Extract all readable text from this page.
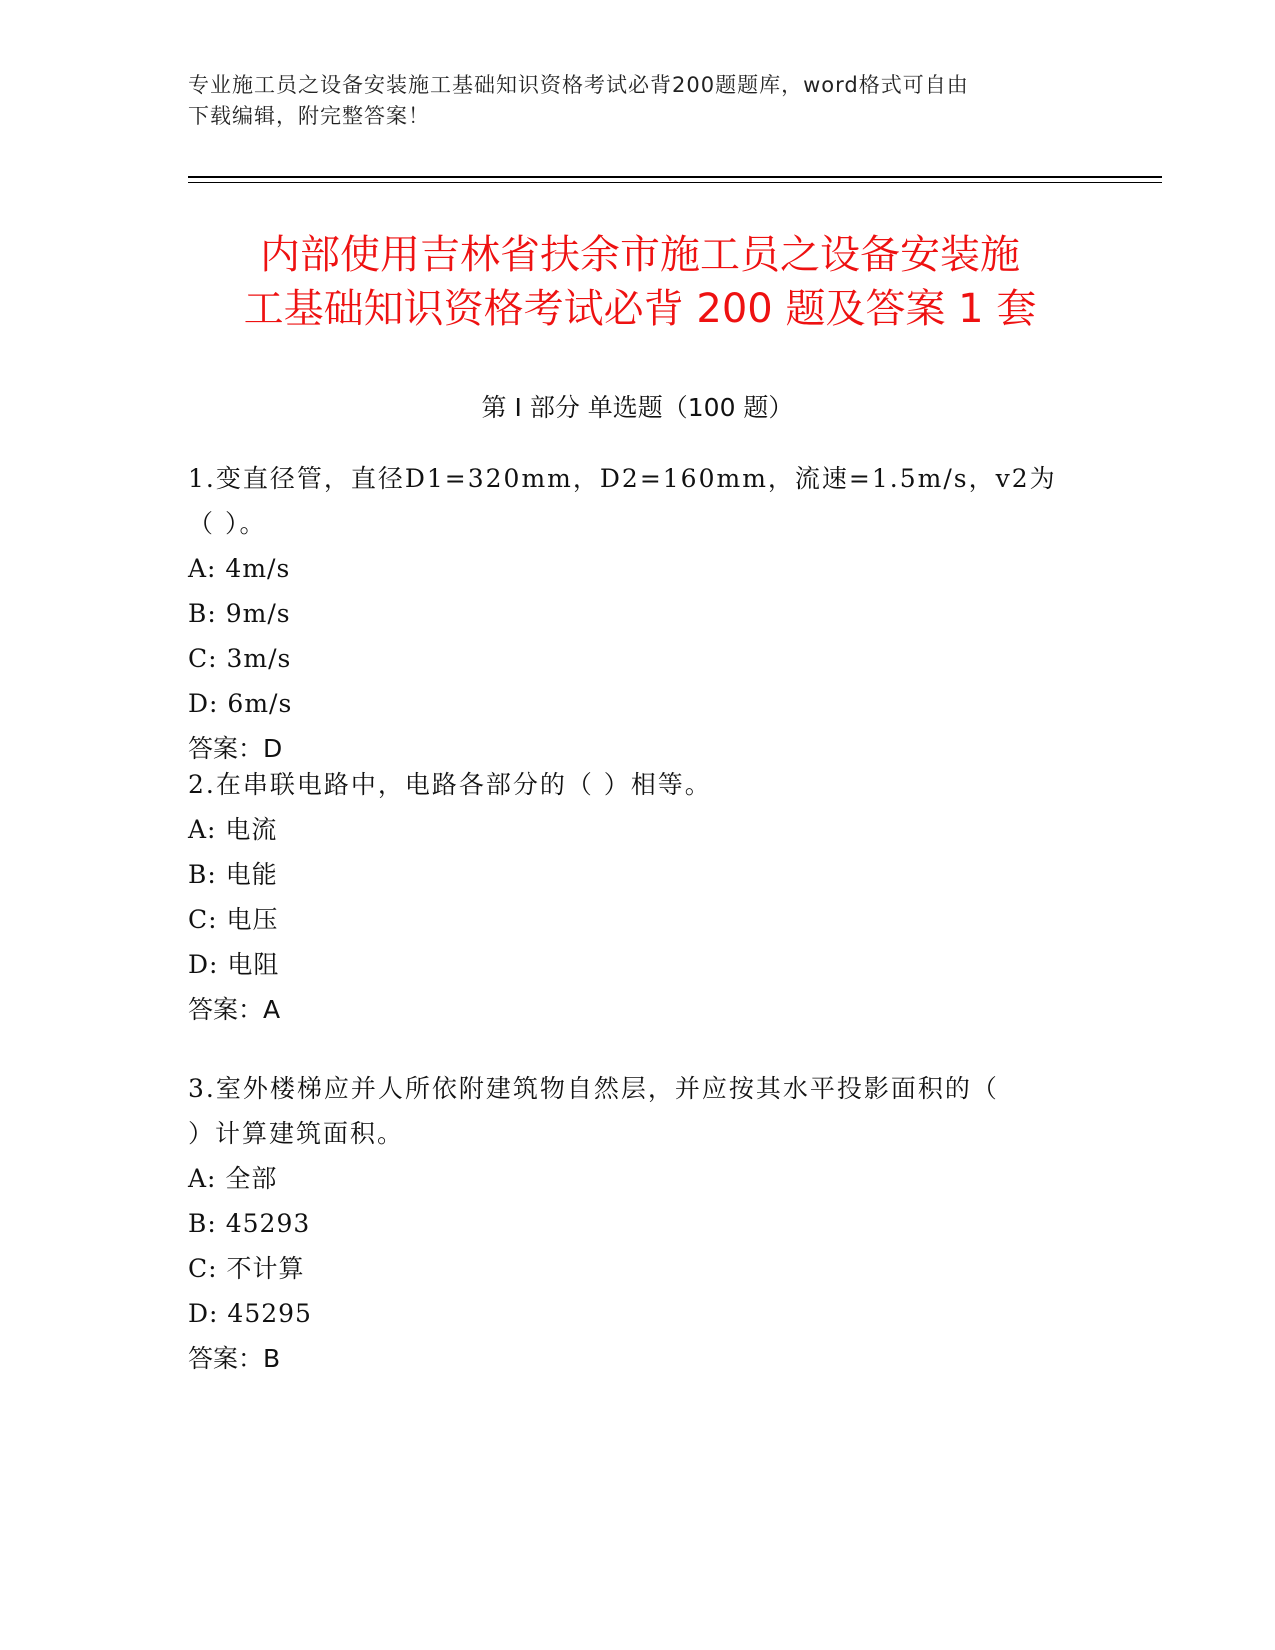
专业施工员之设备安装施工基础知识资格考试必背200题题库，word格式可自由
下载编辑，附完整答案！
内部使用吉林省扶余市施工员之设备安装施
工基础知识资格考试必背 200 题及答案 1 套
第 I 部分 单选题（100 题）
1.变直径管，直径D1=320mm，D2=160mm，流速=1.5m/s，v2为（ ）。
A: 4m/s
B: 9m/s
C: 3m/s
D: 6m/s
答案：D
2.在串联电路中，电路各部分的（ ）相等。
A: 电流
B: 电能
C: 电压
D: 电阻
答案：A
3.室外楼梯应并人所依附建筑物自然层，并应按其水平投影面积的（
）计算建筑面积。
A: 全部
B: 45293
C: 不计算
D: 45295
答案：B
